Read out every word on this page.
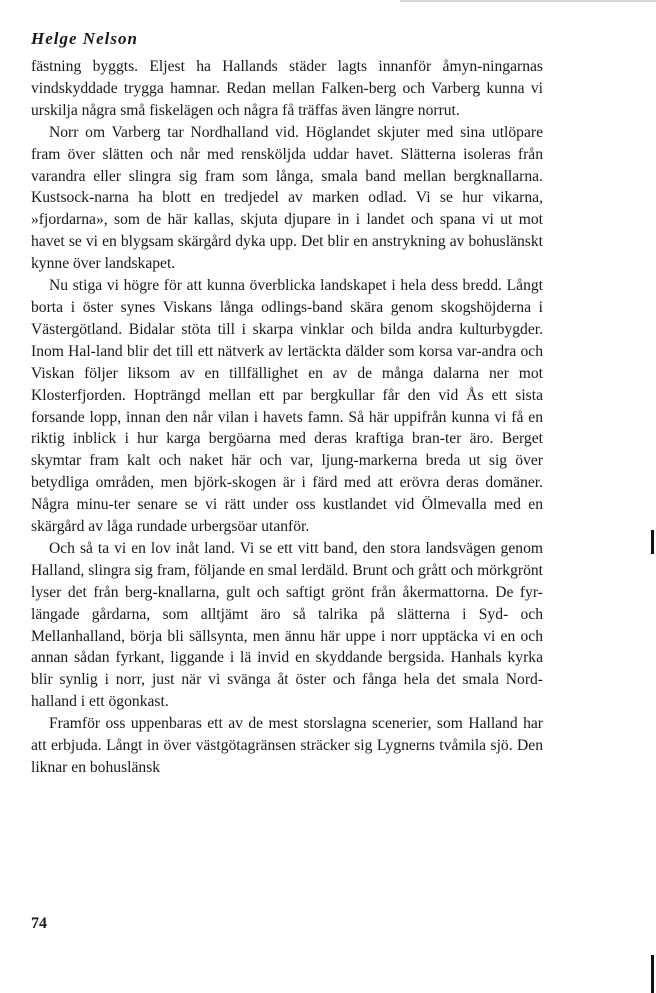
Helge Nelson

fästning byggts. Eljest ha Hallands städer lagts innanför åmyn-ningarnas vindskyddade trygga hamnar. Redan mellan Falken-berg och Varberg kunna vi urskilja några små fiskelägen och några få träffas även längre norrut.

Norr om Varberg tar Nordhalland vid. Höglandet skjuter med sina utlöpare fram över slätten och når med rensköljda uddar havet. Slätterna isoleras från varandra eller slingra sig fram som långa, smala band mellan bergknallarna. Kustsock-narna ha blott en tredjedel av marken odlad. Vi se hur vikarna, »fjordarna», som de här kallas, skjuta djupare in i landet och spana vi ut mot havet se vi en blygsam skärgård dyka upp. Det blir en anstrykning av bohuslänskt kynne över landskapet.

Nu stiga vi högre för att kunna överblicka landskapet i hela dess bredd. Långt borta i öster synes Viskans långa odlings-band skära genom skogshöjderna i Västergötland. Bidalar stöta till i skarpa vinklar och bilda andra kulturbygder. Inom Hal-land blir det till ett nätverk av lertäckta dälder som korsa var-andra och Viskan följer liksom av en tillfällighet en av de många dalarna ner mot Klosterfjorden. Hopträngd mellan ett par bergkullar får den vid Ås ett sista forsande lopp, innan den når vilan i havets famn. Så här uppifrån kunna vi få en riktig inblick i hur karga bergöarna med deras kraftiga bran-ter äro. Berget skymtar fram kalt och naket här och var, ljung-markerna breda ut sig över betydliga områden, men björk-skogen är i färd med att erövra deras domäner. Några minu-ter senare se vi rätt under oss kustlandet vid Ölmevalla med en skärgård av låga rundade urbergsöar utanför.

Och så ta vi en lov inåt land. Vi se ett vitt band, den stora landsvägen genom Halland, slingra sig fram, följande en smal lerdäld. Brunt och grått och mörkgrönt lyser det från berg-knallarna, gult och saftigt grönt från åkermattorna. De fyr-längade gårdarna, som alltjämt äro så talrika på slätterna i Syd- och Mellanhalland, börja bli sällsynta, men ännu här uppe i norr upptäcka vi en och annan sådan fyrkant, liggande i lä invid en skyddande bergsida. Hanhals kyrka blir synlig i norr, just när vi svänga åt öster och fånga hela det smala Nord-halland i ett ögonkast.

Framför oss uppenbaras ett av de mest storslagna scenerier, som Halland har att erbjuda. Långt in över västgötagränsen sträcker sig Lygnerns tvåmila sjö. Den liknar en bohuslänsk

74
